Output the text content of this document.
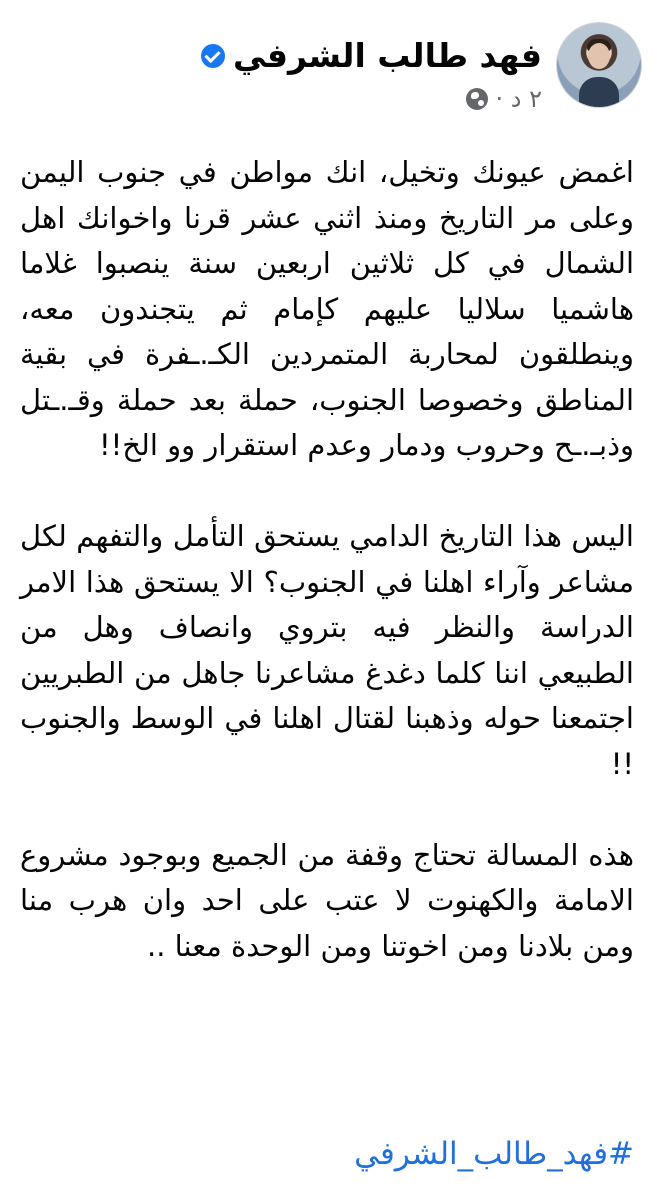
فهد طالب الشرفي
٢ د ·

اغمض عيونك وتخيل، انك مواطن في جنوب اليمن وعلى مر التاريخ ومنذ اثني عشر قرنا واخوانك اهل الشمال في كل ثلاثين اربعين سنة ينصبوا غلاما هاشميا سلاليا عليهم كإمام ثم يتجندون معه، وينطلقون لمحاربة المتمردين الكـ.ـفرة في بقية المناطق وخصوصا الجنوب، حملة بعد حملة وقـ.ـتل وذبـ.ـح وحروب ودمار وعدم استقرار وو الخ!!

اليس هذا التاريخ الدامي يستحق التأمل والتفهم لكل مشاعر وآراء اهلنا في الجنوب؟ الا يستحق هذا الامر الدراسة والنظر فيه بتروي وانصاف وهل من الطبيعي اننا كلما دغدغ مشاعرنا جاهل من الطبريين اجتمعنا حوله وذهبنا لقتال اهلنا في الوسط والجنوب !!

هذه المسالة تحتاج وقفة من الجميع وبوجود مشروع الامامة والكهنوت لا عتب على احد وان هرب منا ومن بلادنا ومن اخوتنا ومن الوحدة معنا ..

#فهد_طالب_الشرفي
